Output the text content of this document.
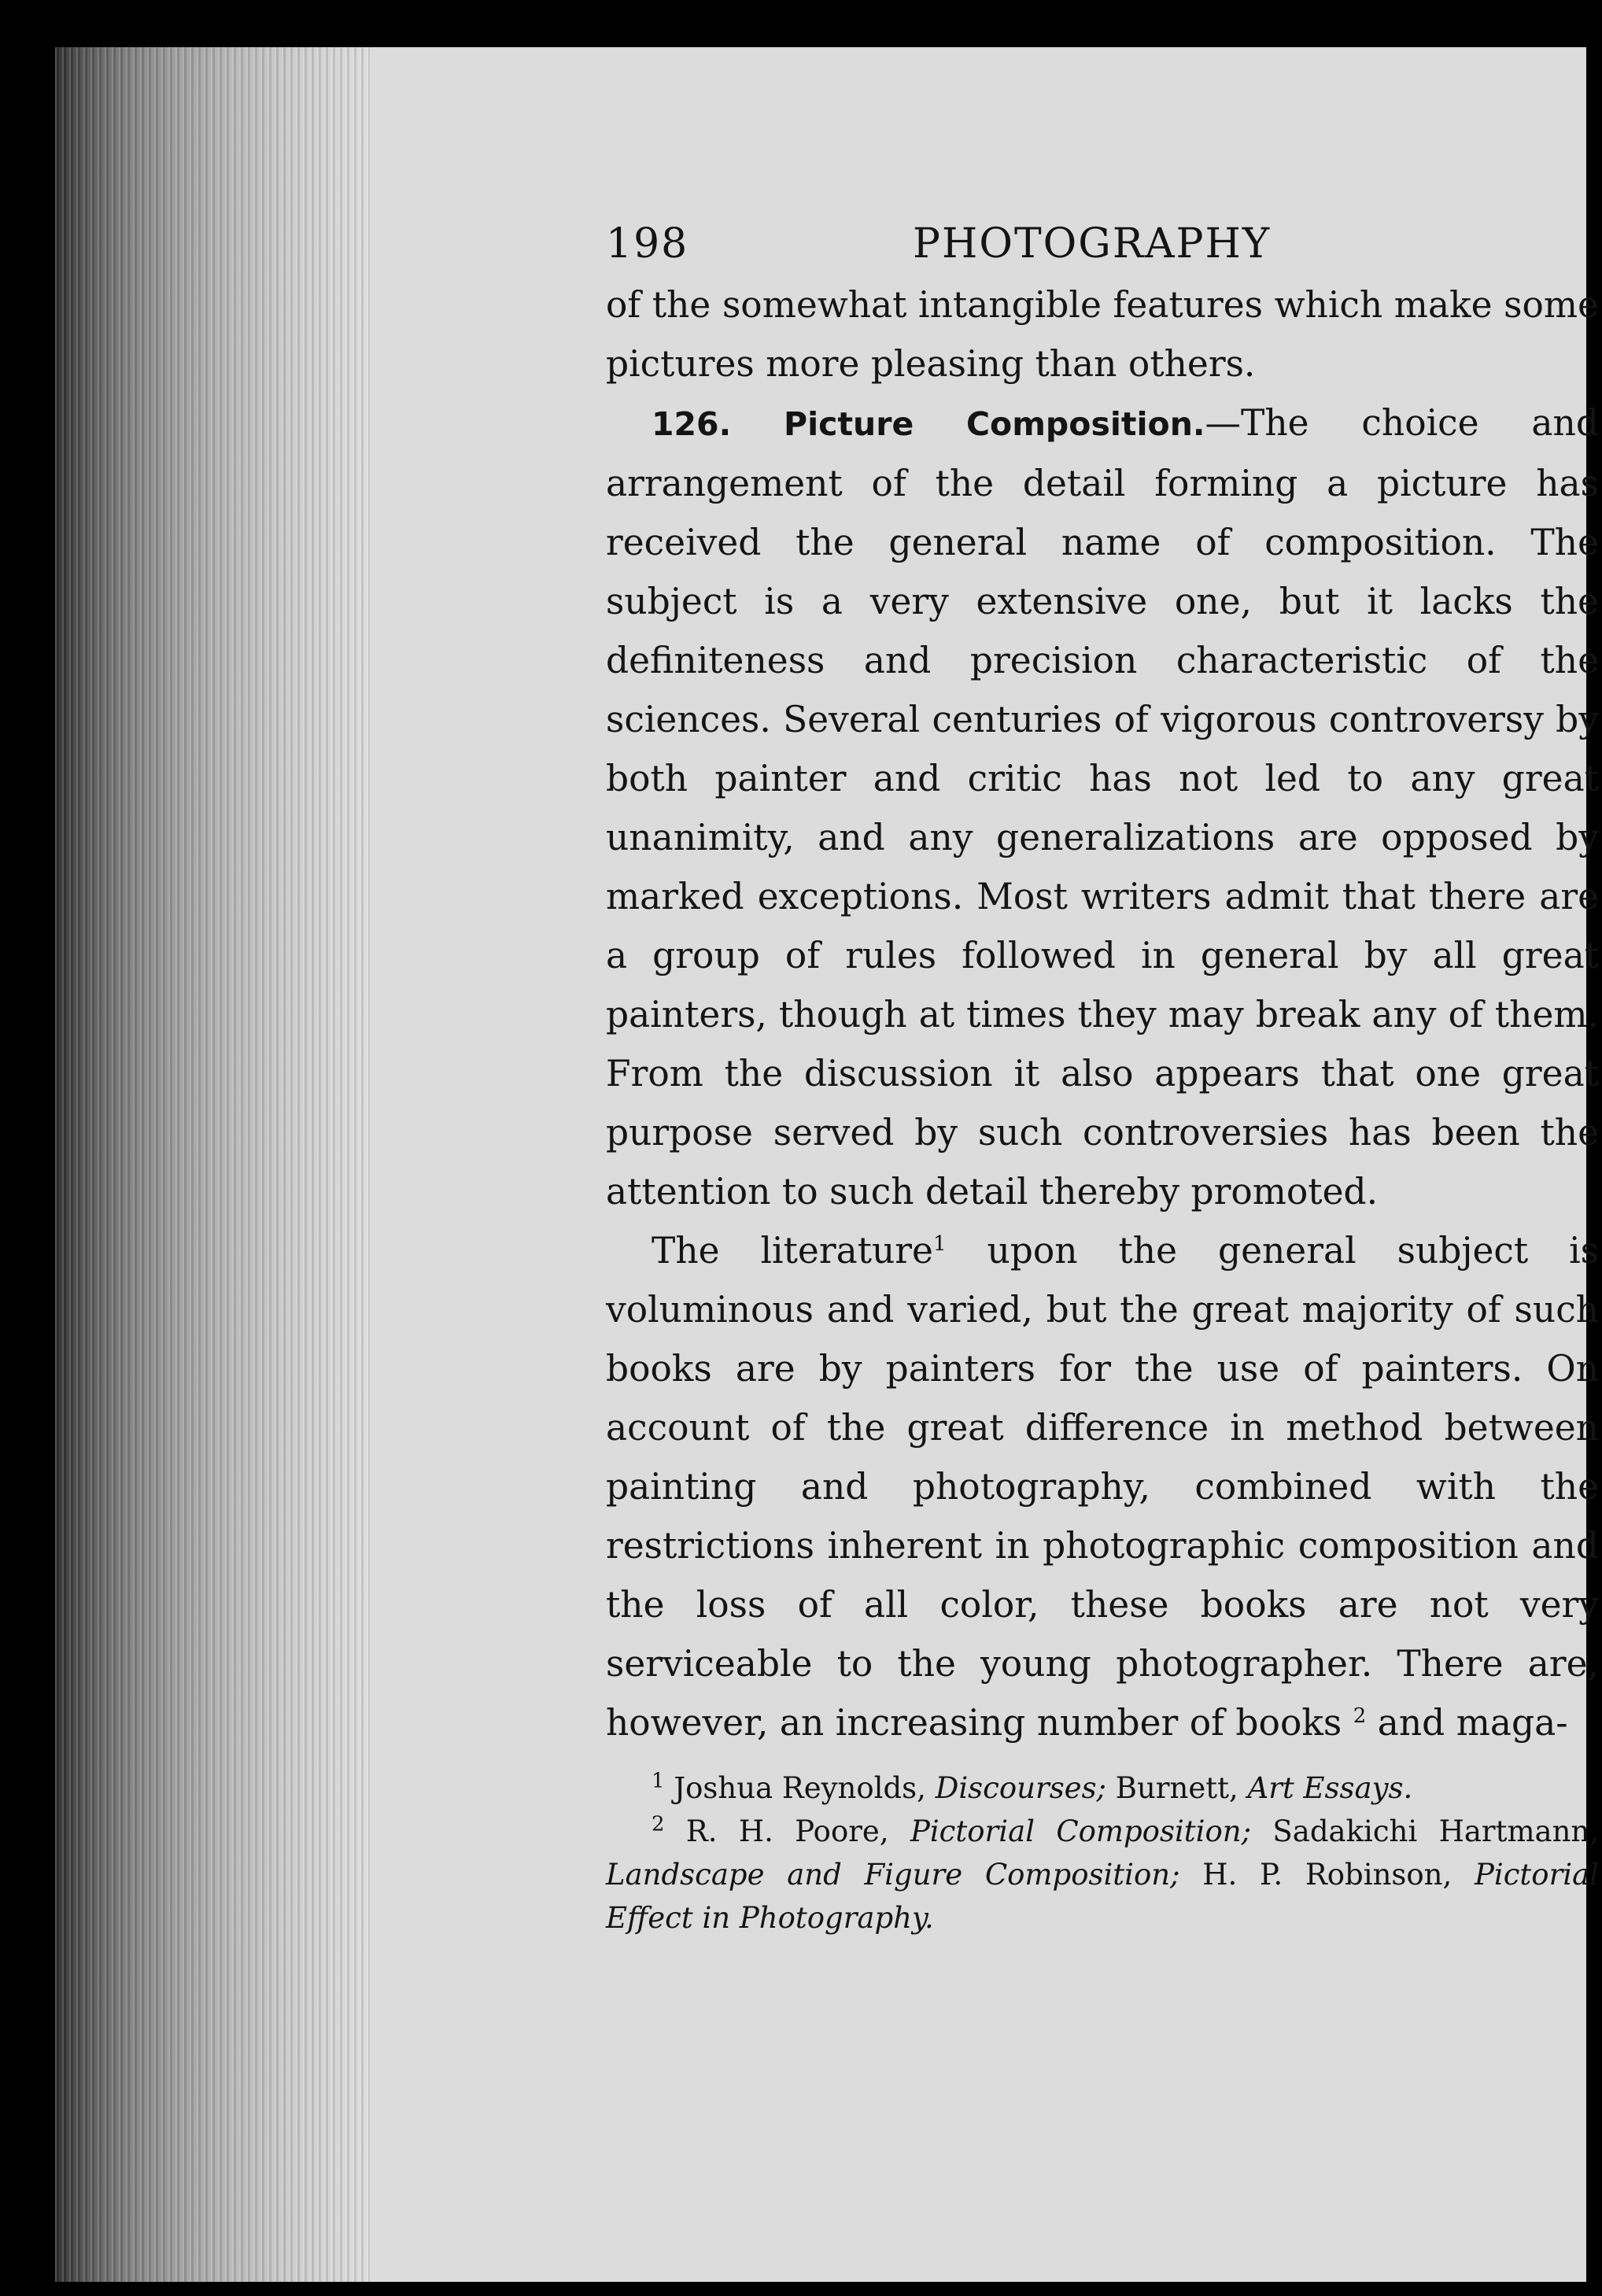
198	PHOTOGRAPHY

of the somewhat intangible features which make some pictures more pleasing than others.

126. Picture Composition.—The choice and arrangement of the detail forming a picture has received the general name of composition. The subject is a very extensive one, but it lacks the definiteness and precision characteristic of the sciences. Several centuries of vigorous controversy by both painter and critic has not led to any great unanimity, and any generalizations are opposed by marked exceptions. Most writers admit that there are a group of rules followed in general by all great painters, though at times they may break any of them. From the discussion it also appears that one great purpose served by such controversies has been the attention to such detail thereby promoted.

The literature$^1$ upon the general subject is voluminous and varied, but the great majority of such books are by painters for the use of painters. On account of the great difference in method between painting and photography, combined with the restrictions inherent in photographic composition and the loss of all color, these books are not very serviceable to the young photographer. There are, however, an increasing number of books $^2$ and maga-

$^1$ Joshua Reynolds, Discourses; Burnett, Art Essays.

$^2$ R. H. Poore, Pictorial Composition; Sadakichi Hartmann, Landscape and Figure Composition; H. P. Robinson, Pictorial Effect in Photography.
